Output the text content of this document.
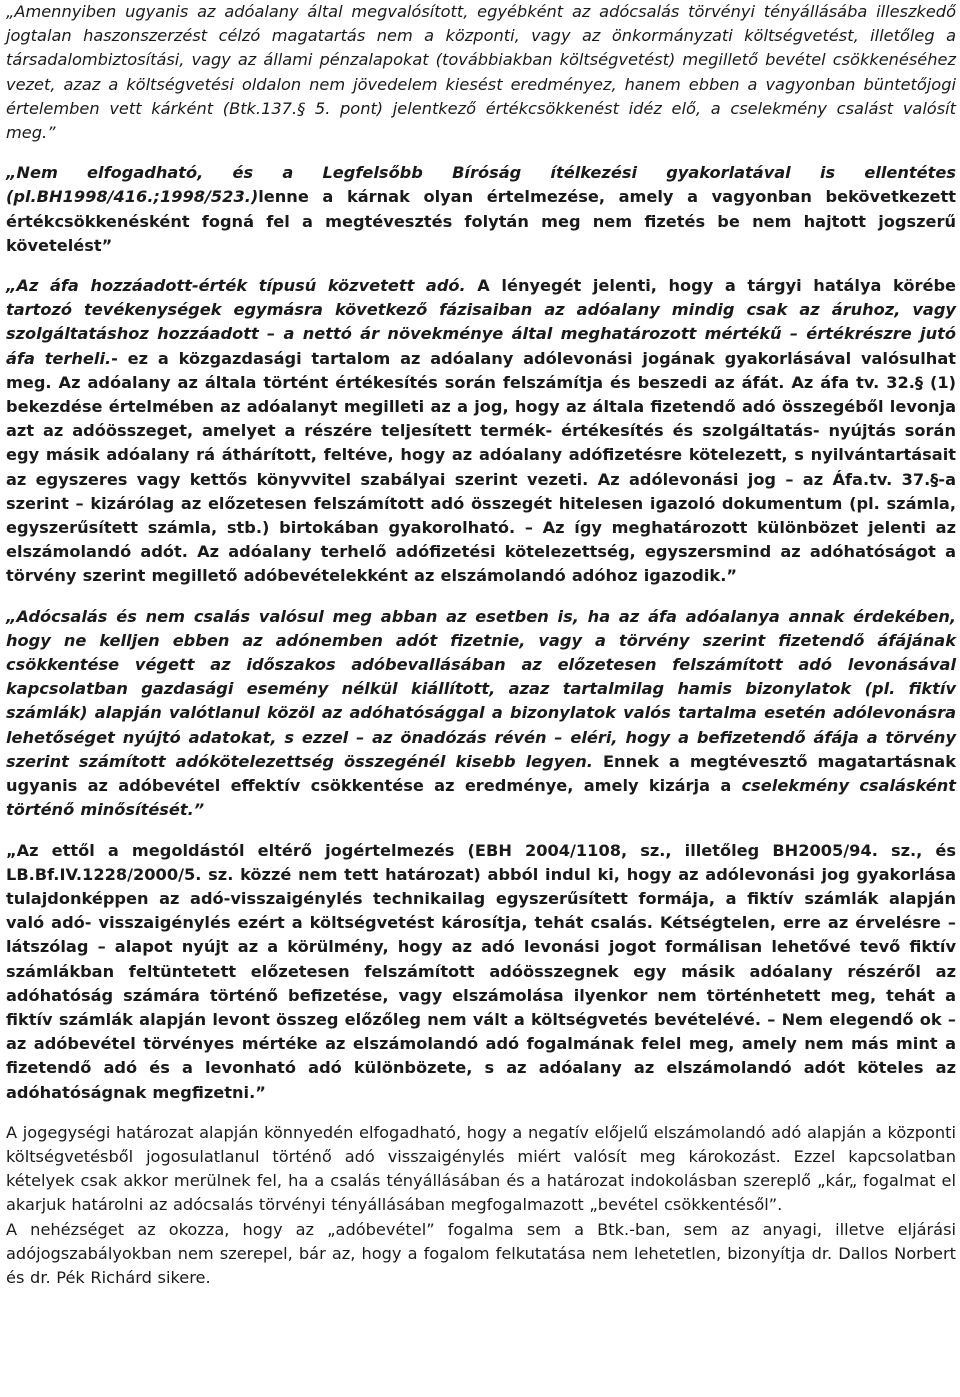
„Amennyiben ugyanis az adóalany által megvalósított, egyébként az adócsalás törvényi tényállásába illeszkedő jogtalan haszonszerzést célzó magatartás nem a központi, vagy az önkormányzati költségvetést, illetőleg a társadalombiztosítási, vagy az állami pénzalapokat (továbbiakban költségvetést) megillető bevétel csökkenéséhez vezet, azaz a költségvetési oldalon nem jövedelem kiesést eredményez, hanem ebben a vagyonban büntetőjogi értelemben vett kárként (Btk.137.§ 5. pont) jelentkező értékcsökkenést idéz elő, a cselekmény csalást valósít meg.”

„Nem elfogadható, és a Legfelsőbb Bíróság ítélkezési gyakorlatával is ellentétes (pl.BH1998/416.;1998/523.)lenne a kárnak olyan értelmezése, amely a vagyonban bekövetkezett értékcsökkenésként fogná fel a megtévesztés folytán meg nem fizetés be nem hajtott jogszerű követelést”

„Az áfa hozzáadott-érték típusú közvetett adó. A lényegét jelenti, hogy a tárgyi hatálya körébe tartozó tevékenységek egymásra következő fázisaiban az adóalany mindig csak az áruhoz, vagy szolgáltatáshoz hozzáadott – a nettó ár növekménye által meghatározott mértékű – értékrészre jutó áfa terheli.- ez a közgazdasági tartalom az adóalany adólevonási jogának gyakorlásával valósulhat meg. Az adóalany az általa történt értékesítés során felszámítja és beszedi az áfát. Az áfa tv. 32.§ (1) bekezdése értelmében az adóalanyt megilleti az a jog, hogy az általa fizetendő adó összegéből levonja azt az adóösszeget, amelyet a részére teljesített termék- értékesítés és szolgáltatás- nyújtás során egy másik adóalany rá áthárított, feltéve, hogy az adóalany adófizetésre kötelezett, s nyilvántartásait az egyszeres vagy kettős könyvvitel szabályai szerint vezeti. Az adólevonási jog – az Áfa.tv. 37.§-a szerint – kizárólag az előzetesen felszámított adó összegét hitelesen igazoló dokumentum (pl. számla, egyszerűsített számla, stb.) birtokában gyakorolható. – Az így meghatározott különbözet jelenti az elszámolandó adót. Az adóalany terhelő adófizetési kötelezettség, egyszersmind az adóhatóságot a törvény szerint megillető adóbevételekként az elszámolandó adóhoz igazodik.”

„Adócsalás és nem csalás valósul meg abban az esetben is, ha az áfa adóalanya annak érdekében, hogy ne kelljen ebben az adónemben adót fizetnie, vagy a törvény szerint fizetendő áfájának csökkentése végett az időszakos adóbevallásában az előzetesen felszámított adó levonásával kapcsolatban gazdasági esemény nélkül kiállított, azaz tartalmilag hamis bizonylatok (pl. fiktív számlák) alapján valótlanul közöl az adóhatósággal a bizonylatok valós tartalma esetén adólevonásra lehetőséget nyújtó adatokat, s ezzel – az önadózás révén – eléri, hogy a befizetendő áfája a törvény szerint számított adókötelezettség összegénél kisebb legyen. Ennek a megtévesztő magatartásnak ugyanis az adóbevétel effektív csökkentése az eredménye, amely kizárja a cselekmény csalásként történő minősítését.”

„Az ettől a megoldástól eltérő jogértelmezés (EBH 2004/1108, sz., illetőleg BH2005/94. sz., és LB.Bf.IV.1228/2000/5. sz. közzé nem tett határozat) abból indul ki, hogy az adólevonási jog gyakorlása tulajdonképpen az adó-visszaigénylés technikailag egyszerűsített formája, a fiktív számlák alapján való adó- visszaigénylés ezért a költségvetést károsítja, tehát csalás. Kétségtelen, erre az érvelésre – látszólag – alapot nyújt az a körülmény, hogy az adó levonási jogot formálisan lehetővé tevő fiktív számlákban feltüntetett előzetesen felszámított adóösszegnek egy másik adóalany részéről az adóhatóság számára történő befizetése, vagy elszámolása ilyenkor nem történhetett meg, tehát a fiktív számlák alapján levont összeg előzőleg nem vált a költségvetés bevételévé. – Nem elegendő ok – az adóbevétel törvényes mértéke az elszámolandó adó fogalmának felel meg, amely nem más mint a fizetendő adó és a levonható adó különbözete, s az adóalany az elszámolandó adót köteles az adóhatóságnak megfizetni.”

A jogegységi határozat alapján könnyedén elfogadható, hogy a negatív előjelű elszámolandó adó alapján a központi költségvetésből jogosulatlanul történő adó visszaigénylés miért valósít meg károkozást. Ezzel kapcsolatban kételyek csak akkor merülnek fel, ha a csalás tényállásában és a határozat indokolásban szereplő „kár„ fogalmat el akarjuk határolni az adócsalás törvényi tényállásában megfogalmazott „bevétel csökkentésől”.

A nehézséget az okozza, hogy az „adóbevétel” fogalma sem a Btk.-ban, sem az anyagi, illetve eljárási adójogszabályokban nem szerepel, bár az, hogy a fogalom felkutatása nem lehetetlen, bizonyítja dr. Dallos Norbert és dr. Pék Richárd sikere.
